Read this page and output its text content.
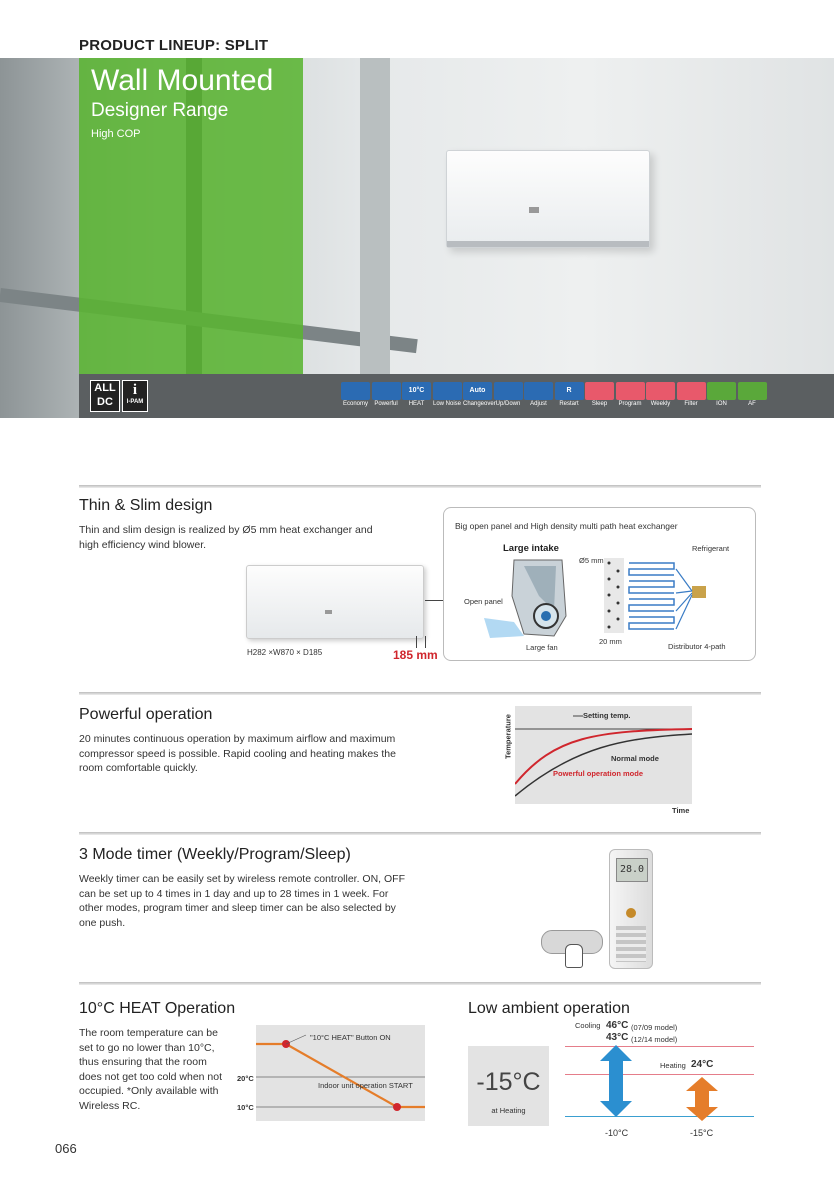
PRODUCT LINEUP: SPLIT
Wall Mounted
Designer Range
High COP
ALL
DC
i
I-PAM	Economy	Powerful
10°C
HEAT	Low Noise
Auto
Changeover Up/Down	Adjust
R
Restart	Sleep	Program	Weekly	Filter	ION	AF
Thin & Slim design
Thin and slim design is realized by Ø5 mm heat exchanger and high efficiency wind blower.
H282 ×W870 × D185	185 mm
Big open panel and High density multi path heat exchanger
Large intake
Open panel
Large fan
Ø5 mm
20 mm
Refrigerant
Distributor 4-path
Powerful operation
20 minutes continuous operation by maximum airflow and maximum compressor speed is possible. Rapid cooling and heating makes the room comfortable quickly.
Setting temp.
Normal mode
Powerful operation mode
Temperature
Time
3 Mode timer (Weekly/Program/Sleep)
Weekly timer can be easily set by wireless remote controller. ON, OFF can be set up to 4 times in 1 day and up to 28 times in 1 week. For other modes, program timer and sleep timer can be also selected by one push.
28.0
10°C HEAT Operation
The room temperature can be set to go no lower than 10°C, thus ensuring that the room does not get too cold when not occupied. *Only available with Wireless RC.
"10°C HEAT" Button ON
Indoor unit operation START
20°C
10°C
Low ambient operation
-15°C
at Heating
Cooling 46°C (07/09 model)
43°C (12/14 model)
Heating 24°C
-10°C	-15°C
066
